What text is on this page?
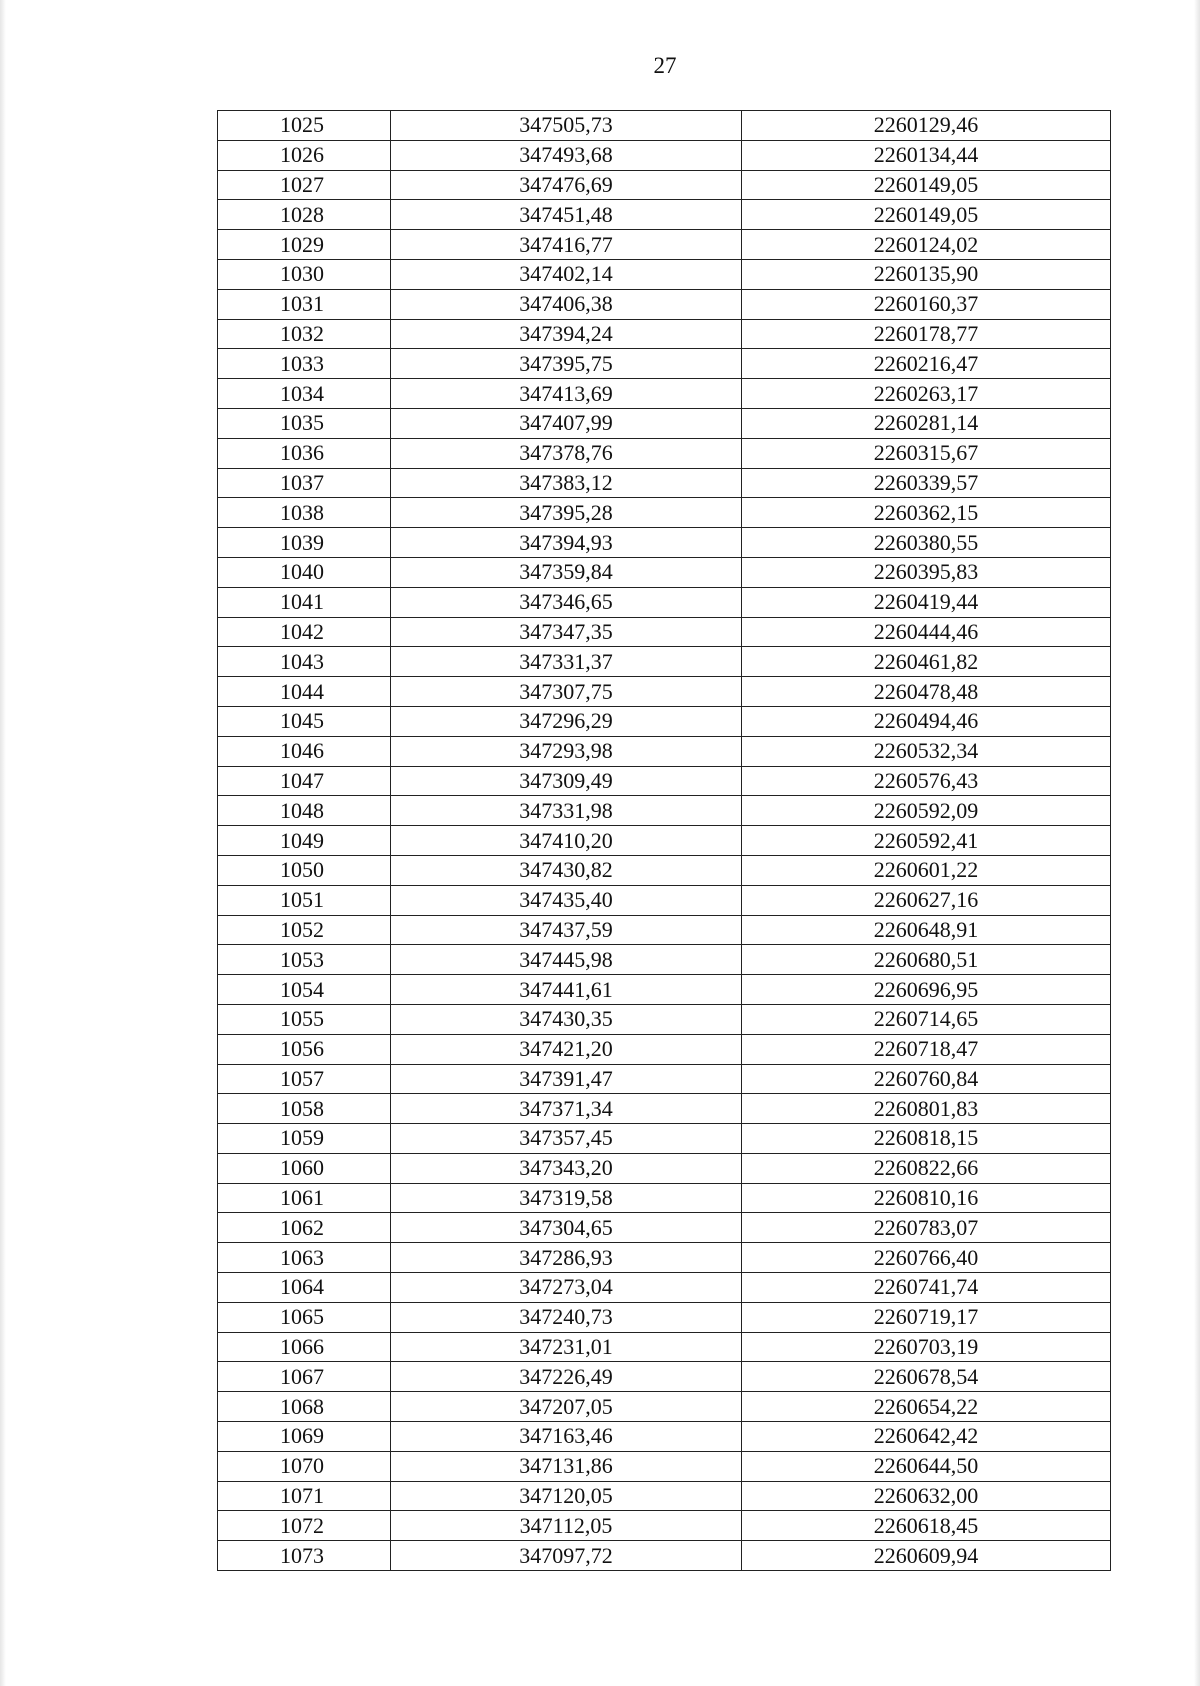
27
1025	347505,73	2260129,46
1026	347493,68	2260134,44
1027	347476,69	2260149,05
1028	347451,48	2260149,05
1029	347416,77	2260124,02
1030	347402,14	2260135,90
1031	347406,38	2260160,37
1032	347394,24	2260178,77
1033	347395,75	2260216,47
1034	347413,69	2260263,17
1035	347407,99	2260281,14
1036	347378,76	2260315,67
1037	347383,12	2260339,57
1038	347395,28	2260362,15
1039	347394,93	2260380,55
1040	347359,84	2260395,83
1041	347346,65	2260419,44
1042	347347,35	2260444,46
1043	347331,37	2260461,82
1044	347307,75	2260478,48
1045	347296,29	2260494,46
1046	347293,98	2260532,34
1047	347309,49	2260576,43
1048	347331,98	2260592,09
1049	347410,20	2260592,41
1050	347430,82	2260601,22
1051	347435,40	2260627,16
1052	347437,59	2260648,91
1053	347445,98	2260680,51
1054	347441,61	2260696,95
1055	347430,35	2260714,65
1056	347421,20	2260718,47
1057	347391,47	2260760,84
1058	347371,34	2260801,83
1059	347357,45	2260818,15
1060	347343,20	2260822,66
1061	347319,58	2260810,16
1062	347304,65	2260783,07
1063	347286,93	2260766,40
1064	347273,04	2260741,74
1065	347240,73	2260719,17
1066	347231,01	2260703,19
1067	347226,49	2260678,54
1068	347207,05	2260654,22
1069	347163,46	2260642,42
1070	347131,86	2260644,50
1071	347120,05	2260632,00
1072	347112,05	2260618,45
1073	347097,72	2260609,94
